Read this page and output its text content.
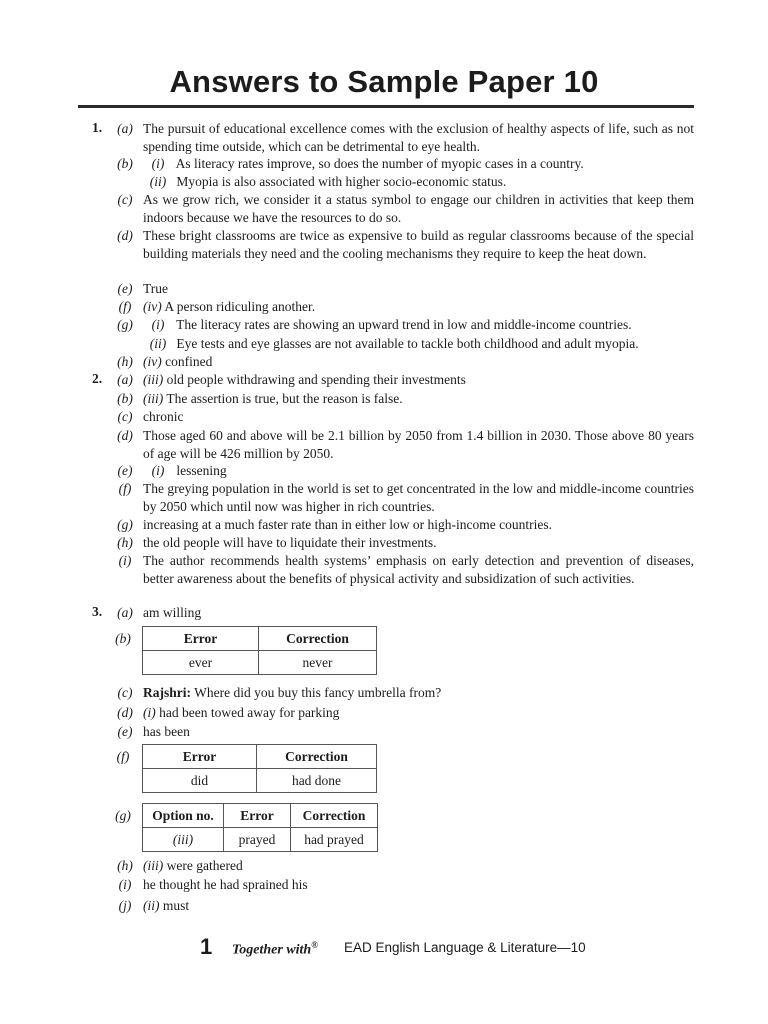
Answers to Sample Paper 10
1.	(a) The pursuit of educational excellence comes with the exclusion of healthy aspects of life, such as not spending time outside, which can be detrimental to eye health.
(b)	(i) As literacy rates improve, so does the number of myopic cases in a country.
(ii) Myopia is also associated with higher socio-economic status.
(c) As we grow rich, we consider it a status symbol to engage our children in activities that keep them indoors because we have the resources to do so.
(d) These bright classrooms are twice as expensive to build as regular classrooms because of the special building materials they need and the cooling mechanisms they require to keep the heat down.
(e) True
(f) (iv) A person ridiculing another.
(g)	(i) The literacy rates are showing an upward trend in low and middle-income countries.
(ii) Eye tests and eye glasses are not available to tackle both childhood and adult myopia.
(h) (iv) confined
2.	(a) (iii) old people withdrawing and spending their investments
(b) (iii) The assertion is true, but the reason is false.
(c) chronic
(d) Those aged 60 and above will be 2.1 billion by 2050 from 1.4 billion in 2030. Those above 80 years of age will be 426 million by 2050.
(e)	(i) lessening
(f) The greying population in the world is set to get concentrated in the low and middle-income countries by 2050 which until now was higher in rich countries.
(g) increasing at a much faster rate than in either low or high-income countries.
(h) the old people will have to liquidate their investments.
(i) The author recommends health systems’ emphasis on early detection and prevention of diseases, better awareness about the benefits of physical activity and subsidization of such activities.
3.	(a) am willing
(b)	Error	Correction
ever	never
(c) Rajshri: Where did you buy this fancy umbrella from?
(d) (i) had been towed away for parking
(e) has been
(f)	Error	Correction
did	had done
(g)	Option no.	Error	Correction
(iii)	prayed	had prayed
(h) (iii) were gathered
(i) he thought he had sprained his
(j) (ii) must
1 Together with® EAD English Language & Literature—10
